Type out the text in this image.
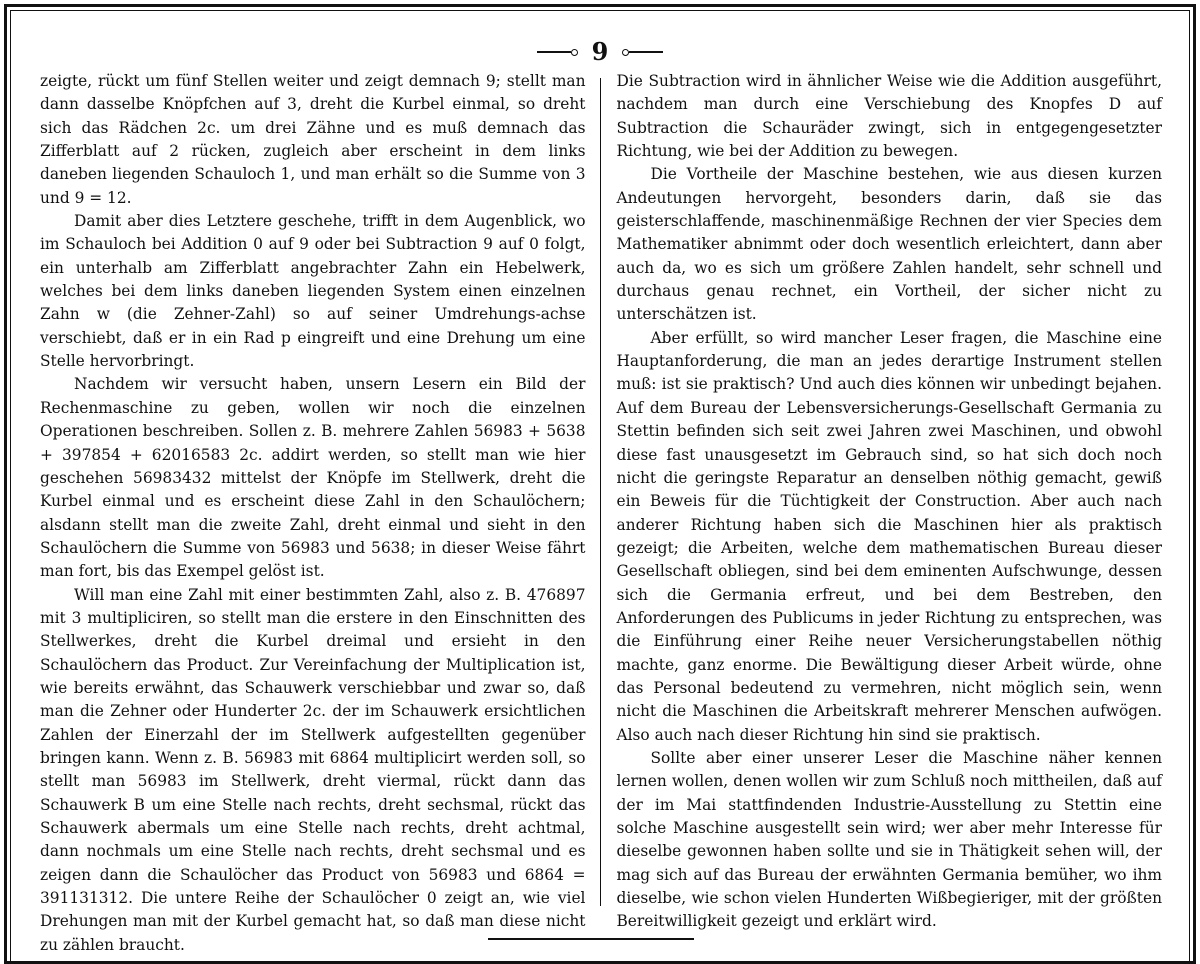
9

zeigte, rückt um fünf Stellen weiter und zeigt demnach 9; stellt man dann dasselbe Knöpfchen auf 3, dreht die Kurbel einmal, so dreht sich das Rädchen 2c. um drei Zähne und es muß demnach das Zifferblatt auf 2 rücken, zugleich aber erscheint in dem links daneben liegenden Schauloch 1, und man erhält so die Summe von 3 und 9 = 12.

Damit aber dies Letztere geschehe, trifft in dem Augenblick, wo im Schauloch bei Addition 0 auf 9 oder bei Subtraction 9 auf 0 folgt, ein unterhalb am Zifferblatt angebrachter Zahn ein Hebelwerk, welches bei dem links daneben liegenden System einen einzelnen Zahn w (die Zehner-Zahl) so auf seiner Umdrehungs-achse verschiebt, daß er in ein Rad p eingreift und eine Drehung um eine Stelle hervorbringt.

Nachdem wir versucht haben, unsern Lesern ein Bild der Rechenmaschine zu geben, wollen wir noch die einzelnen Operationen beschreiben. Sollen z. B. mehrere Zahlen 56983 + 5638 + 397854 + 62016583 2c. addirt werden, so stellt man wie hier geschehen 56983432 mittelst der Knöpfe im Stellwerk, dreht die Kurbel einmal und es erscheint diese Zahl in den Schaulöchern; alsdann stellt man die zweite Zahl, dreht einmal und sieht in den Schaulöchern die Summe von 56983 und 5638; in dieser Weise fährt man fort, bis das Exempel gelöst ist.

Will man eine Zahl mit einer bestimmten Zahl, also z. B. 476897 mit 3 multipliciren, so stellt man die erstere in den Einschnitten des Stellwerkes, dreht die Kurbel dreimal und ersieht in den Schaulöchern das Product. Zur Vereinfachung der Multiplication ist, wie bereits erwähnt, das Schauwerk verschiebbar und zwar so, daß man die Zehner oder Hunderter 2c. der im Schauwerk ersichtlichen Zahlen der Einerzahl der im Stellwerk aufgestellten gegenüber bringen kann. Wenn z. B. 56983 mit 6864 multiplicirt werden soll, so stellt man 56983 im Stellwerk, dreht viermal, rückt dann das Schauwerk B um eine Stelle nach rechts, dreht sechsmal, rückt das Schauwerk abermals um eine Stelle nach rechts, dreht achtmal, dann nochmals um eine Stelle nach rechts, dreht sechsmal und es zeigen dann die Schaulöcher das Product von 56983 und 6864 = 391131312. Die untere Reihe der Schaulöcher 0 zeigt an, wie viel Drehungen man mit der Kurbel gemacht hat, so daß man diese nicht zu zählen braucht.

Die Subtraction wird in ähnlicher Weise wie die Addition ausgeführt, nachdem man durch eine Verschiebung des Knopfes D auf Subtraction die Schauräder zwingt, sich in entgegengesetzter Richtung, wie bei der Addition zu bewegen.

Die Vortheile der Maschine bestehen, wie aus diesen kurzen Andeutungen hervorgeht, besonders darin, daß sie das geisterschlaffende, maschinenmäßige Rechnen der vier Species dem Mathematiker abnimmt oder doch wesentlich erleichtert, dann aber auch da, wo es sich um größere Zahlen handelt, sehr schnell und durchaus genau rechnet, ein Vortheil, der sicher nicht zu unterschätzen ist.

Aber erfüllt, so wird mancher Leser fragen, die Maschine eine Hauptanforderung, die man an jedes derartige Instrument stellen muß: ist sie praktisch? Und auch dies können wir unbedingt bejahen. Auf dem Bureau der Lebensversicherungs-Gesellschaft Germania zu Stettin befinden sich seit zwei Jahren zwei Maschinen, und obwohl diese fast unausgesetzt im Gebrauch sind, so hat sich doch noch nicht die geringste Reparatur an denselben nöthig gemacht, gewiß ein Beweis für die Tüchtigkeit der Construction. Aber auch nach anderer Richtung haben sich die Maschinen hier als praktisch gezeigt; die Arbeiten, welche dem mathematischen Bureau dieser Gesellschaft obliegen, sind bei dem eminenten Aufschwunge, dessen sich die Germania erfreut, und bei dem Bestreben, den Anforderungen des Publicums in jeder Richtung zu entsprechen, was die Einführung einer Reihe neuer Versicherungstabellen nöthig machte, ganz enorme. Die Bewältigung dieser Arbeit würde, ohne das Personal bedeutend zu vermehren, nicht möglich sein, wenn nicht die Maschinen die Arbeitskraft mehrerer Menschen aufwögen. Also auch nach dieser Richtung hin sind sie praktisch.

Sollte aber einer unserer Leser die Maschine näher kennen lernen wollen, denen wollen wir zum Schluß noch mittheilen, daß auf der im Mai stattfindenden Industrie-Ausstellung zu Stettin eine solche Maschine ausgestellt sein wird; wer aber mehr Interesse für dieselbe gewonnen haben sollte und sie in Thätigkeit sehen will, der mag sich auf das Bureau der erwähnten Germania bemüher, wo ihm dieselbe, wie schon vielen Hunderten Wißbegieriger, mit der größten Bereitwilligkeit gezeigt und erklärt wird.
